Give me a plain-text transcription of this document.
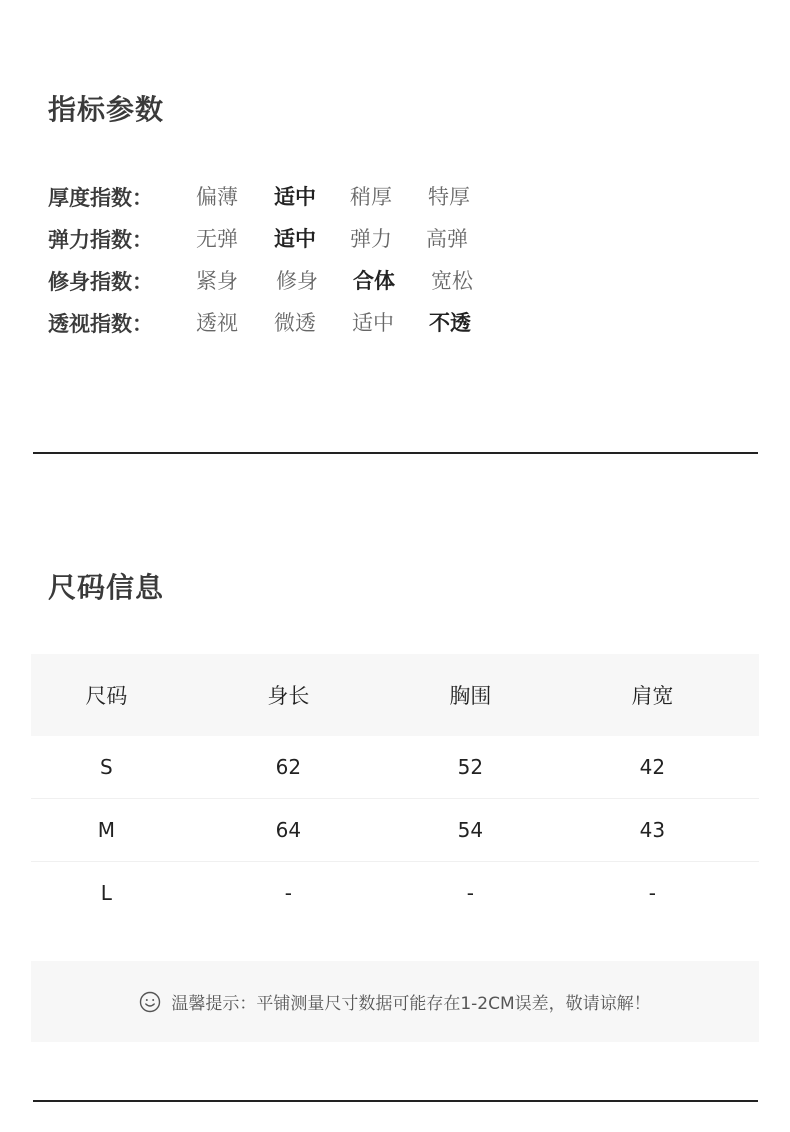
指标参数
厚度指数：	偏薄 适中 稍厚 特厚
弹力指数：	无弹 适中 弹力 高弹
修身指数：	紧身 修身 合体 宽松
透视指数：	透视 微透 适中 不透
尺码信息
尺码	身长	胸围	肩宽
S	62	52	42
M	64	54	43
L	-	-	-
温馨提示：平铺测量尺寸数据可能存在1-2CM误差，敬请谅解！
